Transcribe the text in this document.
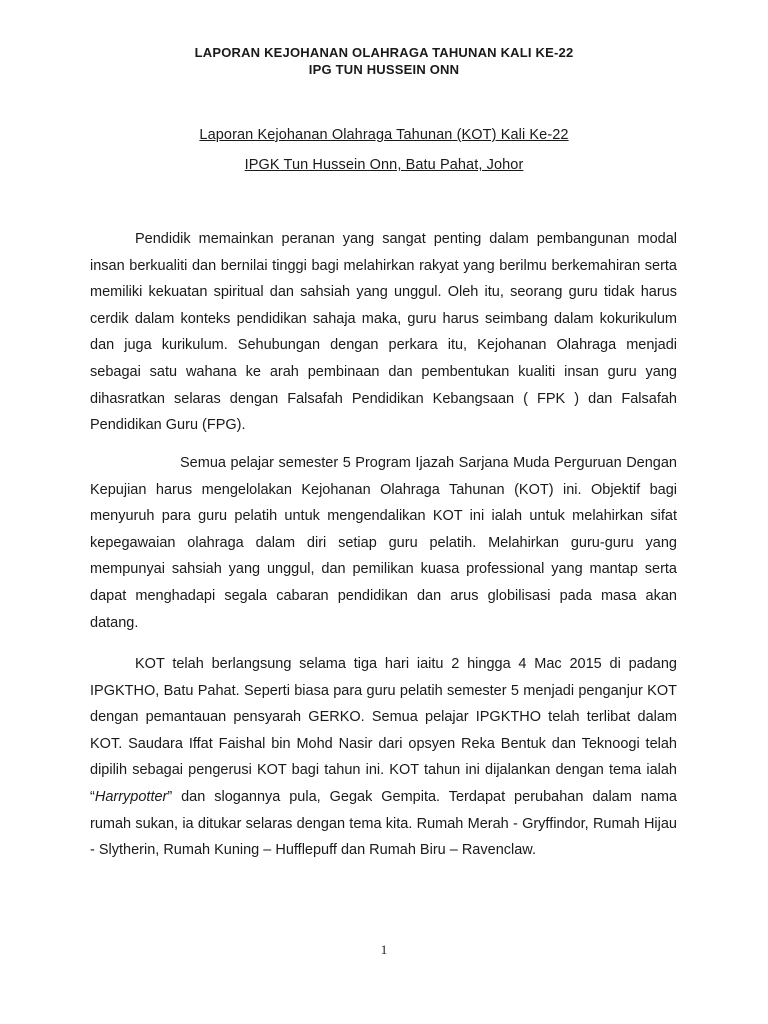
LAPORAN KEJOHANAN OLAHRAGA TAHUNAN KALI KE-22
IPG TUN HUSSEIN ONN
Laporan Kejohanan Olahraga Tahunan (KOT) Kali Ke-22
IPGK Tun Hussein Onn, Batu Pahat, Johor

Pendidik memainkan peranan yang sangat penting dalam pembangunan modal insan berkualiti dan bernilai tinggi bagi melahirkan rakyat yang berilmu berkemahiran serta memiliki kekuatan spiritual dan sahsiah yang unggul. Oleh itu, seorang guru tidak harus cerdik dalam konteks pendidikan sahaja maka, guru harus seimbang dalam kokurikulum dan juga kurikulum. Sehubungan dengan perkara itu, Kejohanan Olahraga menjadi sebagai satu wahana ke arah pembinaan dan pembentukan kualiti insan guru yang dihasratkan selaras dengan Falsafah Pendidikan Kebangsaan ( FPK ) dan Falsafah Pendidikan Guru (FPG).

Semua pelajar semester 5 Program Ijazah Sarjana Muda Perguruan Dengan Kepujian harus mengelolakan Kejohanan Olahraga Tahunan (KOT) ini. Objektif bagi menyuruh para guru pelatih untuk mengendalikan KOT ini ialah untuk melahirkan sifat kepegawaian olahraga dalam diri setiap guru pelatih. Melahirkan guru-guru yang mempunyai sahsiah yang unggul, dan pemilikan kuasa professional yang mantap serta dapat menghadapi segala cabaran pendidikan dan arus globilisasi pada masa akan datang.

KOT telah berlangsung selama tiga hari iaitu 2 hingga 4 Mac 2015 di padang IPGKTHO, Batu Pahat. Seperti biasa para guru pelatih semester 5 menjadi penganjur KOT dengan pemantauan pensyarah GERKO. Semua pelajar IPGKTHO telah terlibat dalam KOT. Saudara Iffat Faishal bin Mohd Nasir dari opsyen Reka Bentuk dan Teknoogi telah dipilih sebagai pengerusi KOT bagi tahun ini. KOT tahun ini dijalankan dengan tema ialah “Harrypotter” dan slogannya pula, Gegak Gempita. Terdapat perubahan dalam nama rumah sukan, ia ditukar selaras dengan tema kita. Rumah Merah - Gryffindor, Rumah Hijau - Slytherin, Rumah Kuning – Hufflepuff dan Rumah Biru – Ravenclaw.

1
